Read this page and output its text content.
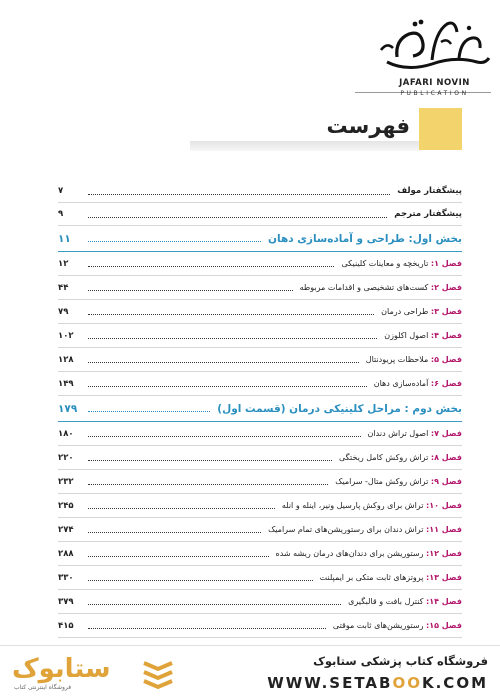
JAFARI NOVIN
PUBLICATION
فهرست
پیشگفتار مولف
۷
پیشگفتار مترجم
۹
بخش اول: طراحی و آماده‌سازی دهان
۱۱
فصل ۱: تاریخچه و معاینات کلینیکی
۱۲
فصل ۲: کست‌های تشخیصی و اقدامات مربوطه
۴۴
فصل ۳: طراحی درمان
۷۹
فصل ۴: اصول اکلوزن
۱۰۲
فصل ۵: ملاحظات پریودنتال
۱۲۸
فصل ۶: آماده‌سازی دهان
۱۴۹
بخش دوم : مراحل کلینیکی درمان (قسمت اول)
۱۷۹
فصل ۷: اصول تراش دندان
۱۸۰
فصل ۸: تراش روکش کامل ریختگی
۲۲۰
فصل ۹: تراش روکش متال- سرامیک
۲۳۲
فصل ۱۰: تراش برای روکش پارسیل ونیر، اینله و انله
۲۴۵
فصل ۱۱: تراش دندان برای رستوریشن‌های تمام سرامیک
۲۷۴
فصل ۱۲: رستوریشن برای دندان‌های درمان ریشه شده
۲۸۸
فصل ۱۳: پروتزهای ثابت متکی بر ایمپلنت
۳۳۰
فصل ۱۴: کنترل بافت و قالبگیری
۳۷۹
فصل ۱۵: رستوریشن‌های ثابت موقتی
۴۱۵
ستابوک
فروشگاه اینترنتی کتاب
فروشگاه کتاب پزشکی ستابوک
WWW.SETABOOK.COM
